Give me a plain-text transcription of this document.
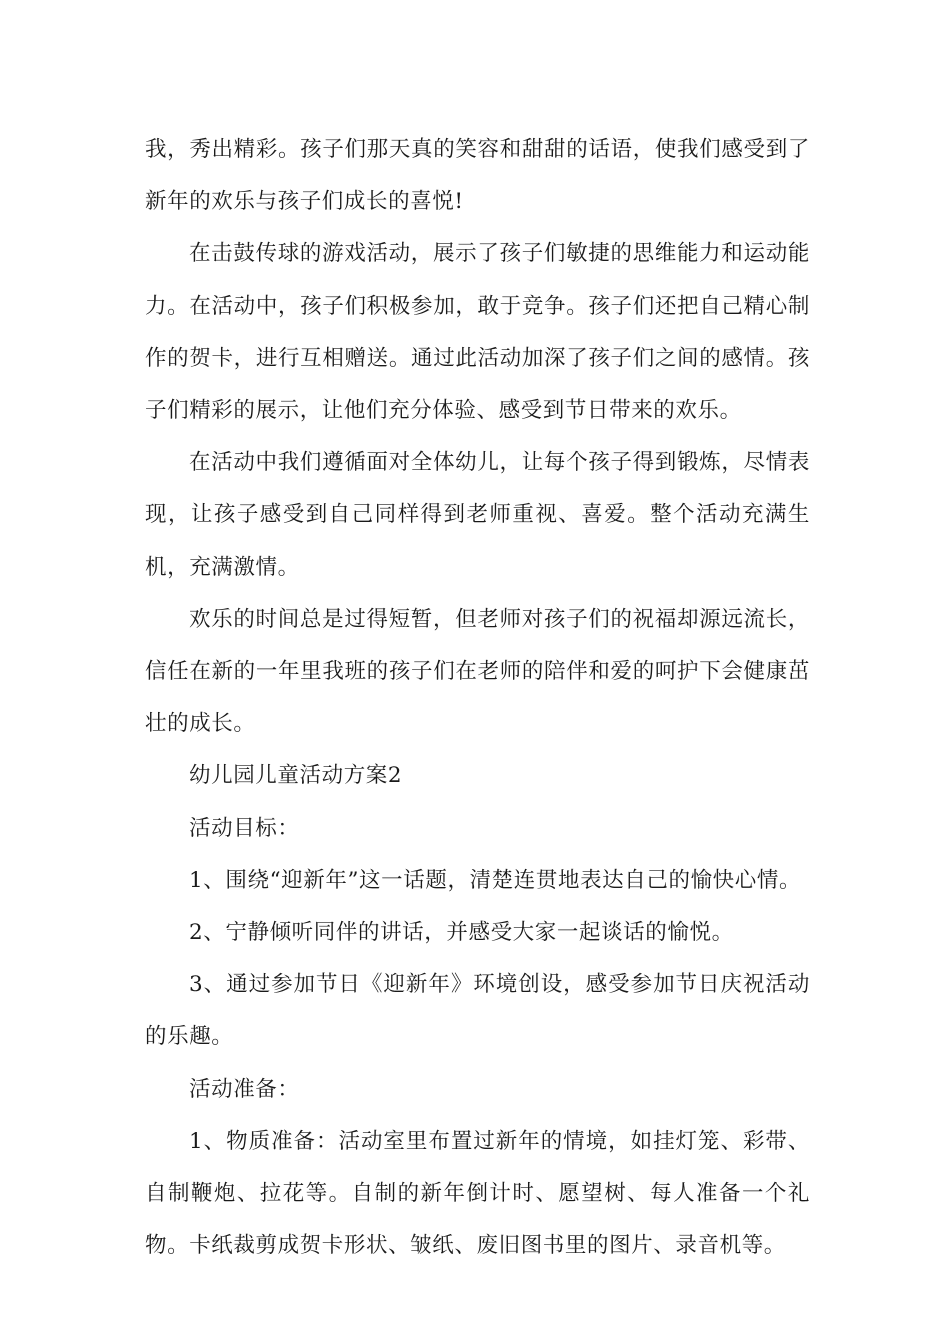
我，秀出精彩。孩子们那天真的笑容和甜甜的话语，使我们感受到了新年的欢乐与孩子们成长的喜悦!

在击鼓传球的游戏活动，展示了孩子们敏捷的思维能力和运动能力。在活动中，孩子们积极参加，敢于竞争。孩子们还把自己精心制作的贺卡，进行互相赠送。通过此活动加深了孩子们之间的感情。孩子们精彩的展示，让他们充分体验、感受到节日带来的欢乐。

在活动中我们遵循面对全体幼儿，让每个孩子得到锻炼，尽情表现，让孩子感受到自己同样得到老师重视、喜爱。整个活动充满生机，充满激情。

欢乐的时间总是过得短暂，但老师对孩子们的祝福却源远流长，信任在新的一年里我班的孩子们在老师的陪伴和爱的呵护下会健康茁壮的成长。

幼儿园儿童活动方案2

活动目标：

1、围绕“迎新年”这一话题，清楚连贯地表达自己的愉快心情。

2、宁静倾听同伴的讲话，并感受大家一起谈话的愉悦。

3、通过参加节日《迎新年》环境创设，感受参加节日庆祝活动的乐趣。

活动准备：

1、物质准备：活动室里布置过新年的情境，如挂灯笼、彩带、自制鞭炮、拉花等。自制的新年倒计时、愿望树、每人准备一个礼物。卡纸裁剪成贺卡形状、皱纸、废旧图书里的图片、录音机等。
